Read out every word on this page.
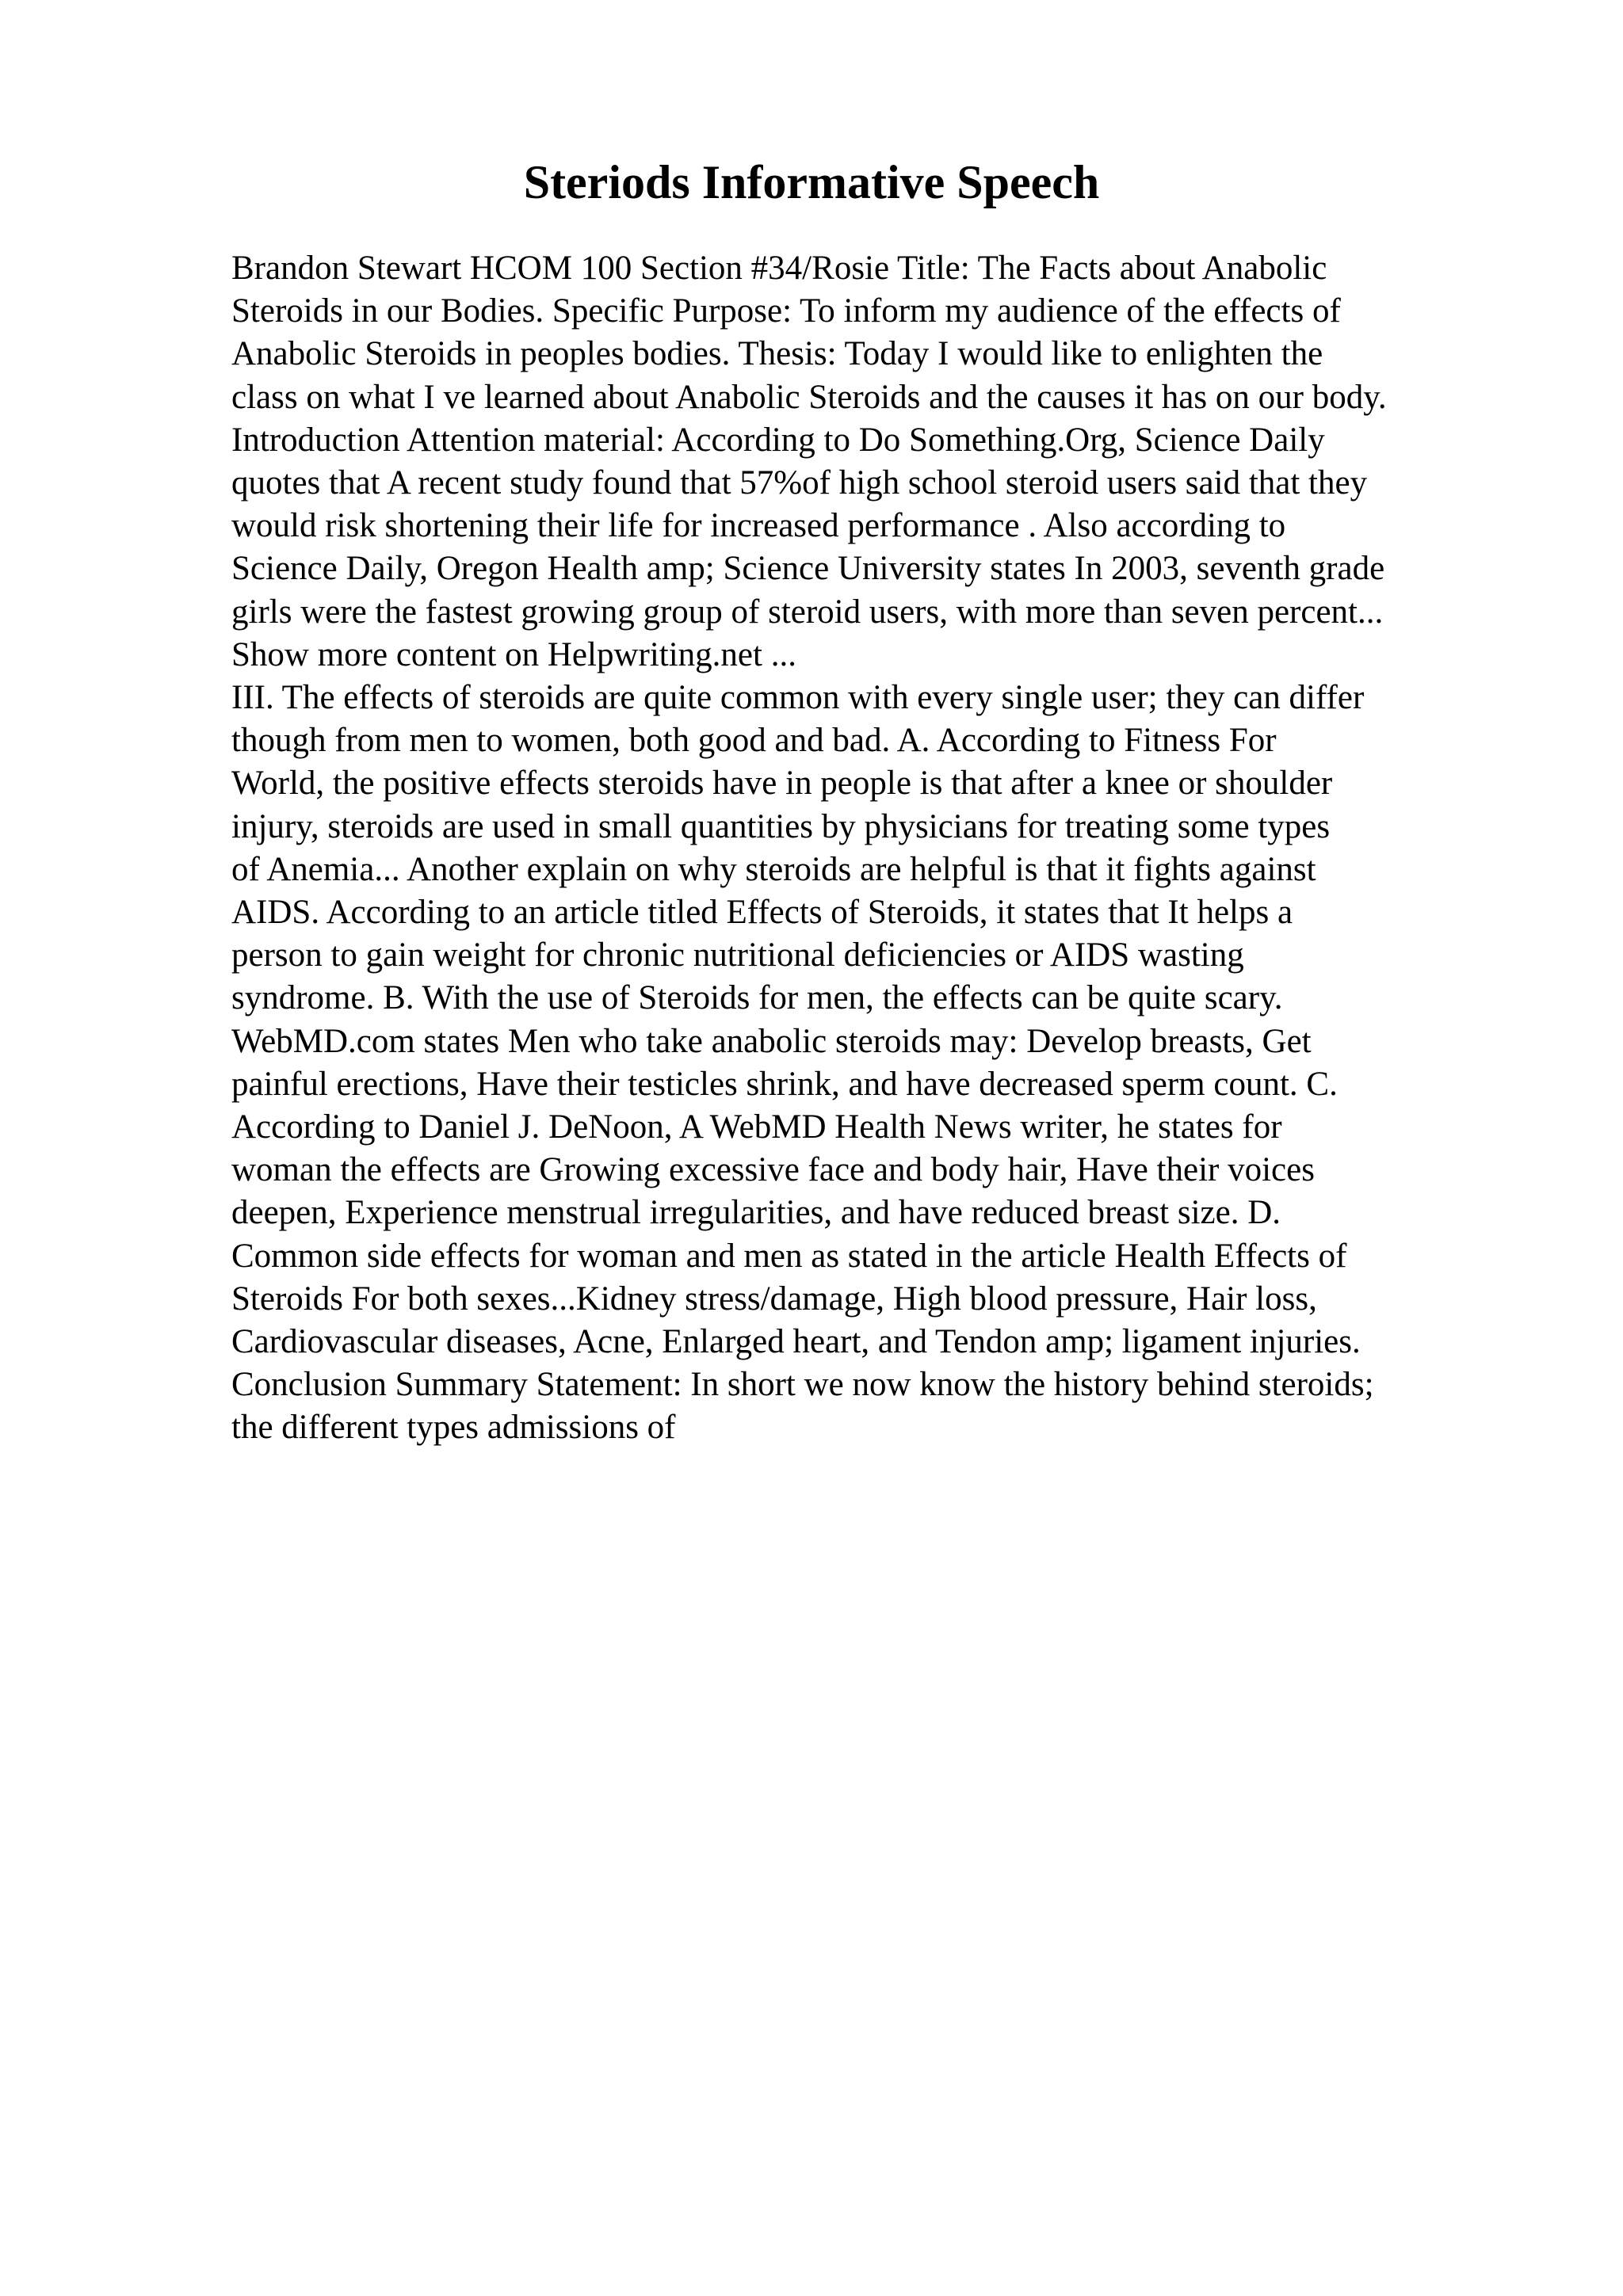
Steriods Informative Speech
Brandon Stewart HCOM 100 Section #34/Rosie Title: The Facts about Anabolic
Steroids in our Bodies. Specific Purpose: To inform my audience of the effects of
Anabolic Steroids in peoples bodies. Thesis: Today I would like to enlighten the
class on what I ve learned about Anabolic Steroids and the causes it has on our body.
Introduction Attention material: According to Do Something.Org, Science Daily
quotes that A recent study found that 57%of high school steroid users said that they
would risk shortening their life for increased performance . Also according to
Science Daily, Oregon Health amp; Science University states In 2003, seventh grade
girls were the fastest growing group of steroid users, with more than seven percent...
Show more content on Helpwriting.net ...
III. The effects of steroids are quite common with every single user; they can differ
though from men to women, both good and bad. A. According to Fitness For
World, the positive effects steroids have in people is that after a knee or shoulder
injury, steroids are used in small quantities by physicians for treating some types
of Anemia... Another explain on why steroids are helpful is that it fights against
AIDS. According to an article titled Effects of Steroids, it states that It helps a
person to gain weight for chronic nutritional deficiencies or AIDS wasting
syndrome. B. With the use of Steroids for men, the effects can be quite scary.
WebMD.com states Men who take anabolic steroids may: Develop breasts, Get
painful erections, Have their testicles shrink, and have decreased sperm count. C.
According to Daniel J. DeNoon, A WebMD Health News writer, he states for
woman the effects are Growing excessive face and body hair, Have their voices
deepen, Experience menstrual irregularities, and have reduced breast size. D.
Common side effects for woman and men as stated in the article Health Effects of
Steroids For both sexes...Kidney stress/damage, High blood pressure, Hair loss,
Cardiovascular diseases, Acne, Enlarged heart, and Tendon amp; ligament injuries.
Conclusion Summary Statement: In short we now know the history behind steroids;
the different types admissions of
